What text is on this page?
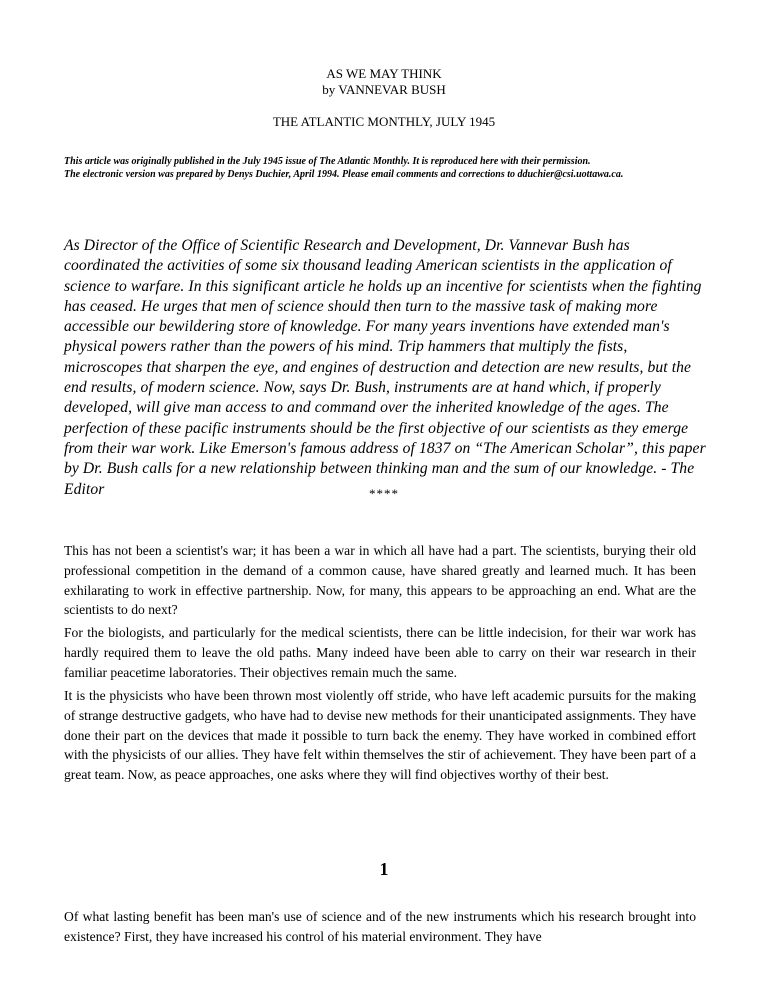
AS WE MAY THINK
by VANNEVAR BUSH
THE ATLANTIC MONTHLY, JULY 1945

This article was originally published in the July 1945 issue of The Atlantic Monthly. It is reproduced here with their permission.

The electronic version was prepared by Denys Duchier, April 1994. Please email comments and corrections to dduchier@csi.uottawa.ca.

As Director of the Office of Scientific Research and Development, Dr. Vannevar Bush has coordinated the activities of some six thousand leading American scientists in the application of science to warfare. In this significant article he holds up an incentive for scientists when the fighting has ceased. He urges that men of science should then turn to the massive task of making more accessible our bewildering store of knowledge. For many years inventions have extended man's physical powers rather than the powers of his mind. Trip hammers that multiply the fists, microscopes that sharpen the eye, and engines of destruction and detection are new results, but the end results, of modern science. Now, says Dr. Bush, instruments are at hand which, if properly developed, will give man access to and command over the inherited knowledge of the ages. The perfection of these pacific instruments should be the first objective of our scientists as they emerge from their war work. Like Emerson's famous address of 1837 on “The American Scholar”, this paper by Dr. Bush calls for a new relationship between thinking man and the sum of our knowledge. - The Editor	****

This has not been a scientist's war; it has been a war in which all have had a part. The scientists, burying their old professional competition in the demand of a common cause, have shared greatly and learned much. It has been exhilarating to work in effective partnership. Now, for many, this appears to be approaching an end. What are the scientists to do next?

For the biologists, and particularly for the medical scientists, there can be little indecision, for their war work has hardly required them to leave the old paths. Many indeed have been able to carry on their war research in their familiar peacetime laboratories. Their objectives remain much the same.

It is the physicists who have been thrown most violently off stride, who have left academic pursuits for the making of strange destructive gadgets, who have had to devise new methods for their unanticipated assignments. They have done their part on the devices that made it possible to turn back the enemy. They have worked in combined effort with the physicists of our allies. They have felt within themselves the stir of achievement. They have been part of a great team. Now, as peace approaches, one asks where they will find objectives worthy of their best.

1

Of what lasting benefit has been man's use of science and of the new instruments which his research brought into existence? First, they have increased his control of his material environment. They have
